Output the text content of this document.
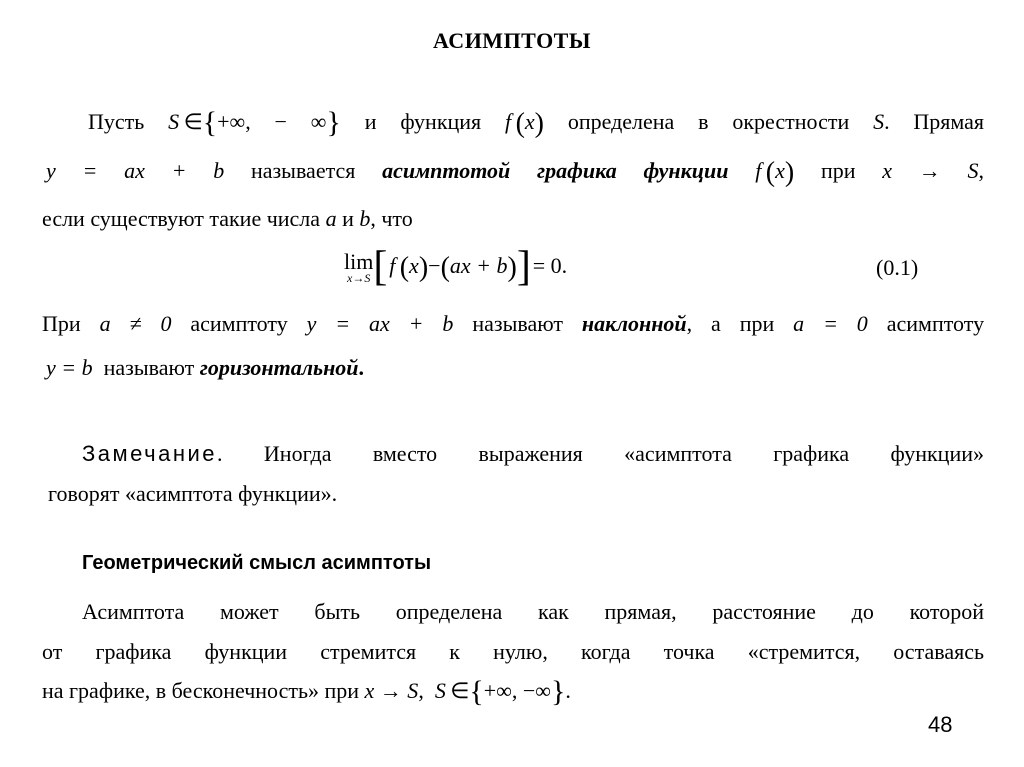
АСИМПТОТЫ
Пусть S  ∈{+∞, − ∞} и функция f  (x) определена в окрестности S. Прямая
y = ax + b называется асимптотой графика функции f  (x) при x → S,
если существуют такие числа a и b, что
lim
x→S [ f  (x)−(ax + b)] = 0.	(0.1)
При a ≠ 0 асимптоту y = ax + b называют наклонной, а при a = 0 асимптоту
y = b называют горизонтальной.
Замечание. Иногда вместо выражения «асимптота графика функции»
говорят «асимптота функции».
Геометрический смысл асимптоты
Асимптота может быть определена как прямая, расстояние до которой
от графика функции стремится к нулю, когда точка «стремится, оставаясь
на графике, в бесконечность» при x → S, S  ∈{+∞, −∞}.
48
